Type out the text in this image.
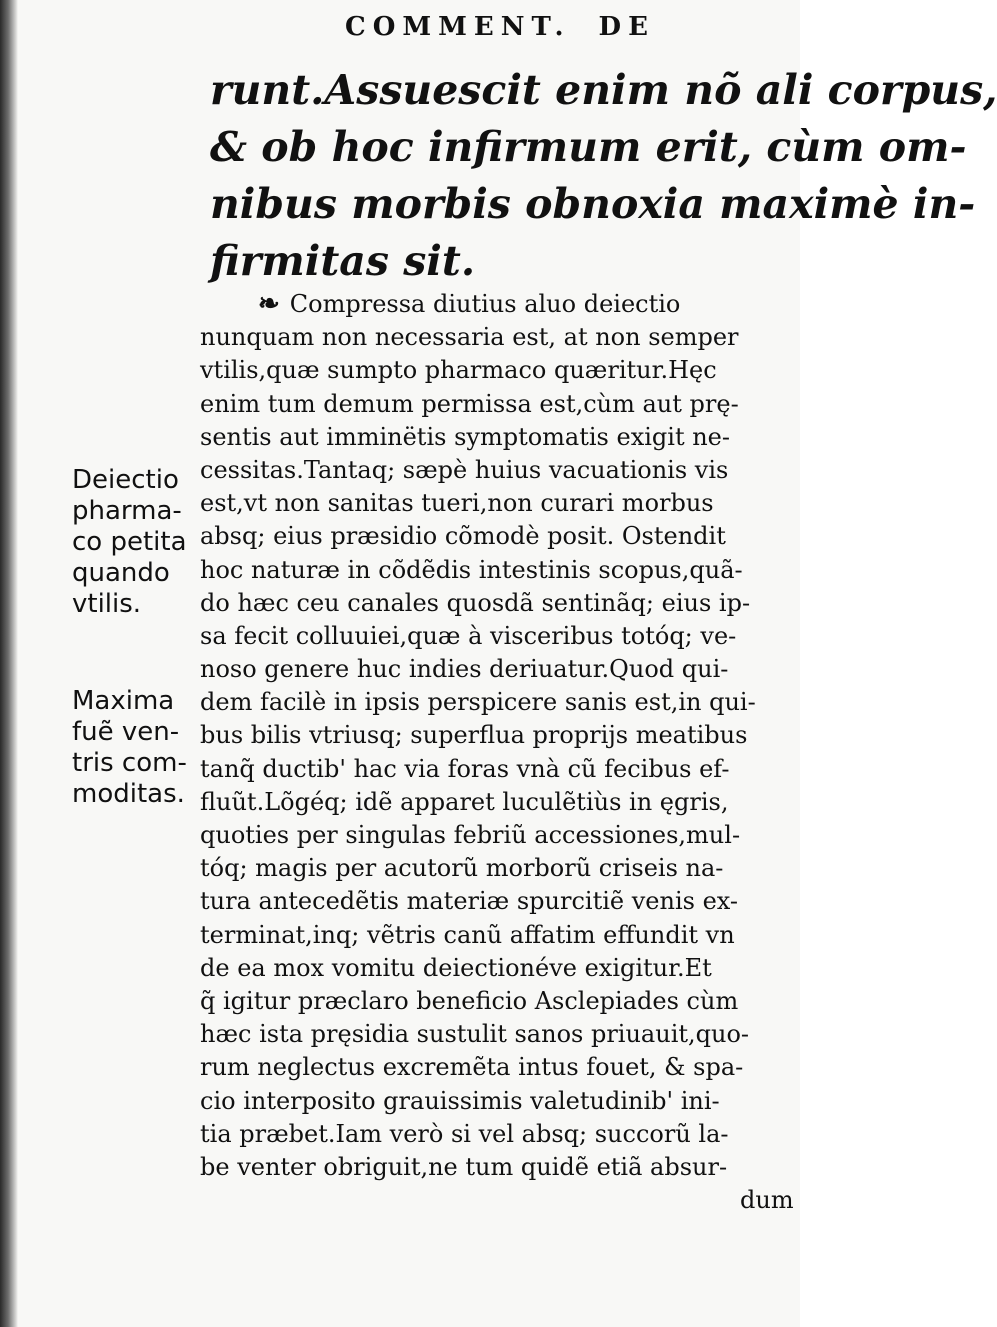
COMMENT. DE
runt.Assuescit enim nõ ali corpus,
& ob hoc infirmum erit, cùm om-
nibus morbis obnoxia maximè in-
firmitas sit.
❧ Compressa diutius aluo deiectio
nunquam non necessaria est, at non semper
vtilis,quæ sumpto pharmaco quæritur.Hęc
enim tum demum permissa est,cùm aut prę-
sentis aut imminëtis symptomatis exigit ne-
cessitas.Tantaq; sæpè huius vacuationis vis
est,vt non sanitas tueri,non curari morbus
absq; eius præsidio cõmodè posit. Ostendit
hoc naturæ in cõdẽdis intestinis scopus,quã-
do hæc ceu canales quosdã sentinãq; eius ip-
sa fecit colluuiei,quæ à visceribus totóq; ve-
noso genere huc indies deriuatur.Quod qui-
dem facilè in ipsis perspicere sanis est,in qui-
bus bilis vtriusq; superflua proprijs meatibus
tanq̃ ductib' hac via foras vnà cũ fecibus ef-
fluũt.Lõgéq; idẽ apparet luculẽtiùs in ęgris,
quoties per singulas febriũ accessiones,mul-
tóq; magis per acutorũ morborũ criseis na-
tura antecedẽtis materiæ spurcitiẽ venis ex-
terminat,inq; vẽtris canũ affatim effundit vn
de ea mox vomitu deiectionéve exigitur.Et
q̃ igitur præclaro beneficio Asclepiades cùm
hæc ista pręsidia sustulit sanos priuauit,quo-
rum neglectus excremẽta intus fouet, & spa-
cio interposito grauissimis valetudinib' ini-
tia præbet.Iam verò si vel absq; succorũ la-
be venter obriguit,ne tum quidẽ etiã absur-
dum
Deiectio
pharma-
co petita
quando
vtilis.
Maxima
fuẽ ven-
tris com-
moditas.
